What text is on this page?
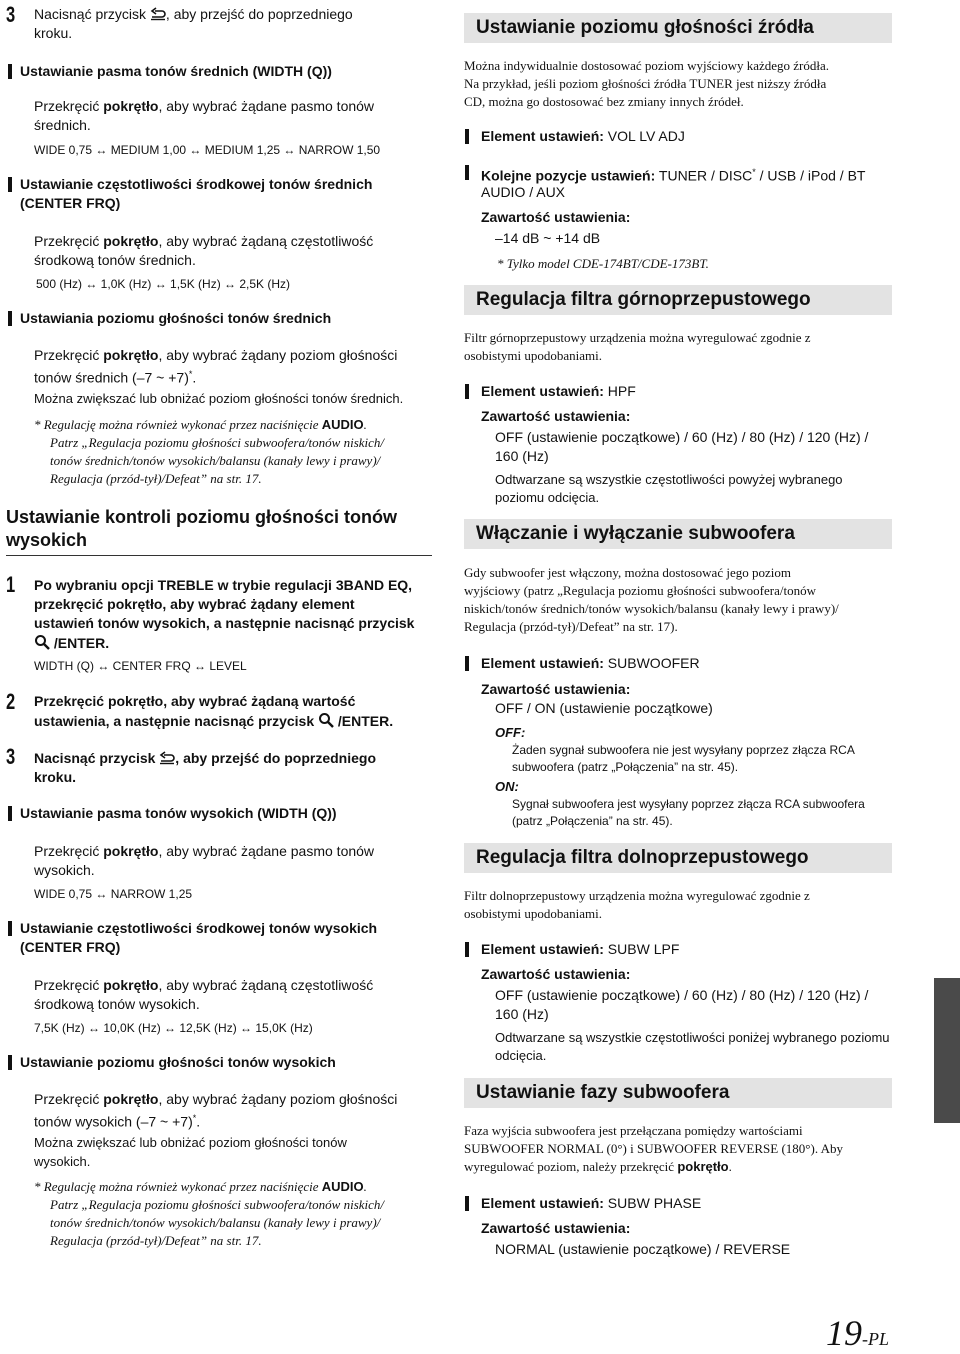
3 Nacisnąć przycisk , aby przejść do poprzedniego
kroku.
Ustawianie pasma tonów średnich (WIDTH (Q))
Przekręcić pokrętło, aby wybrać żądane pasmo tonów
średnich.
WIDE 0,75 ↔ MEDIUM 1,00 ↔ MEDIUM 1,25 ↔ NARROW 1,50
Ustawianie częstotliwości środkowej tonów średnich
(CENTER FRQ)
Przekręcić pokrętło, aby wybrać żądaną częstotliwość
środkową tonów średnich.
500 (Hz) ↔ 1,0K (Hz) ↔ 1,5K (Hz) ↔ 2,5K (Hz)
Ustawiania poziomu głośności tonów średnich
Przekręcić pokrętło, aby wybrać żądany poziom głośności
tonów średnich (–7 ~ +7)*.
Można zwiększać lub obniżać poziom głośności tonów średnich.
* Regulację można również wykonać przez naciśnięcie AUDIO.
Patrz „Regulacja poziomu głośności subwoofera/tonów niskich/
tonów średnich/tonów wysokich/balansu (kanały lewy i prawy)/
Regulacja (przód-tył)/Defeat” na str. 17.
Ustawianie kontroli poziomu głośności tonów
wysokich
1 Po wybraniu opcji TREBLE w trybie regulacji 3BAND EQ,
przekręcić pokrętło, aby wybrać żądany element
ustawień tonów wysokich, a następnie nacisnąć przycisk
/ENTER.
WIDTH (Q) ↔ CENTER FRQ ↔ LEVEL
2 Przekręcić pokrętło, aby wybrać żądaną wartość
ustawienia, a następnie nacisnąć przycisk /ENTER.
3 Nacisnąć przycisk , aby przejść do poprzedniego
kroku.
Ustawianie pasma tonów wysokich (WIDTH (Q))
Przekręcić pokrętło, aby wybrać żądane pasmo tonów
wysokich.
WIDE 0,75 ↔ NARROW 1,25
Ustawianie częstotliwości środkowej tonów wysokich
(CENTER FRQ)
Przekręcić pokrętło, aby wybrać żądaną częstotliwość
środkową tonów wysokich.
7,5K (Hz) ↔ 10,0K (Hz) ↔ 12,5K (Hz) ↔ 15,0K (Hz)
Ustawianie poziomu głośności tonów wysokich
Przekręcić pokrętło, aby wybrać żądany poziom głośności
tonów wysokich (–7 ~ +7)*.
Można zwiększać lub obniżać poziom głośności tonów
wysokich.
* Regulację można również wykonać przez naciśnięcie AUDIO.
Patrz „Regulacja poziomu głośności subwoofera/tonów niskich/
tonów średnich/tonów wysokich/balansu (kanały lewy i prawy)/
Regulacja (przód-tył)/Defeat” na str. 17.
Ustawianie poziomu głośności źródła
Można indywidualnie dostosować poziom wyjściowy każdego źródła.
Na przykład, jeśli poziom głośności źródła TUNER jest niższy źródła
CD, można go dostosować bez zmiany innych źródeł.
Element ustawień: VOL LV ADJ
Kolejne pozycje ustawień: TUNER / DISC* / USB / iPod / BT
AUDIO / AUX
Zawartość ustawienia:
–14 dB ~ +14 dB
* Tylko model CDE-174BT/CDE-173BT.
Regulacja filtra górnoprzepustowego
Filtr górnoprzepustowy urządzenia można wyregulować zgodnie z
osobistymi upodobaniami.
Element ustawień: HPF
Zawartość ustawienia:
OFF (ustawienie początkowe) / 60 (Hz) / 80 (Hz) / 120 (Hz) /
160 (Hz)
Odtwarzane są wszystkie częstotliwości powyżej wybranego
poziomu odcięcia.
Włączanie i wyłączanie subwoofera
Gdy subwoofer jest włączony, można dostosować jego poziom
wyjściowy (patrz „Regulacja poziomu głośności subwoofera/tonów
niskich/tonów średnich/tonów wysokich/balansu (kanały lewy i prawy)/
Regulacja (przód-tył)/Defeat” na str. 17).
Element ustawień: SUBWOOFER
Zawartość ustawienia:
OFF / ON (ustawienie początkowe)
OFF:
Żaden sygnał subwoofera nie jest wysyłany poprzez złącza RCA
subwoofera (patrz „Połączenia” na str. 45).
ON:
Sygnał subwoofera jest wysyłany poprzez złącza RCA subwoofera
(patrz „Połączenia” na str. 45).
Regulacja filtra dolnoprzepustowego
Filtr dolnoprzepustowy urządzenia można wyregulować zgodnie z
osobistymi upodobaniami.
Element ustawień: SUBW LPF
Zawartość ustawienia:
OFF (ustawienie początkowe) / 60 (Hz) / 80 (Hz) / 120 (Hz) /
160 (Hz)
Odtwarzane są wszystkie częstotliwości poniżej wybranego poziomu
odcięcia.
Ustawianie fazy subwoofera
Faza wyjścia subwoofera jest przełączana pomiędzy wartościami
SUBWOOFER NORMAL (0°) i SUBWOOFER REVERSE (180°). Aby
wyregulować poziom, należy przekręcić pokrętło.
Element ustawień: SUBW PHASE
Zawartość ustawienia:
NORMAL (ustawienie początkowe) / REVERSE
19-PL
